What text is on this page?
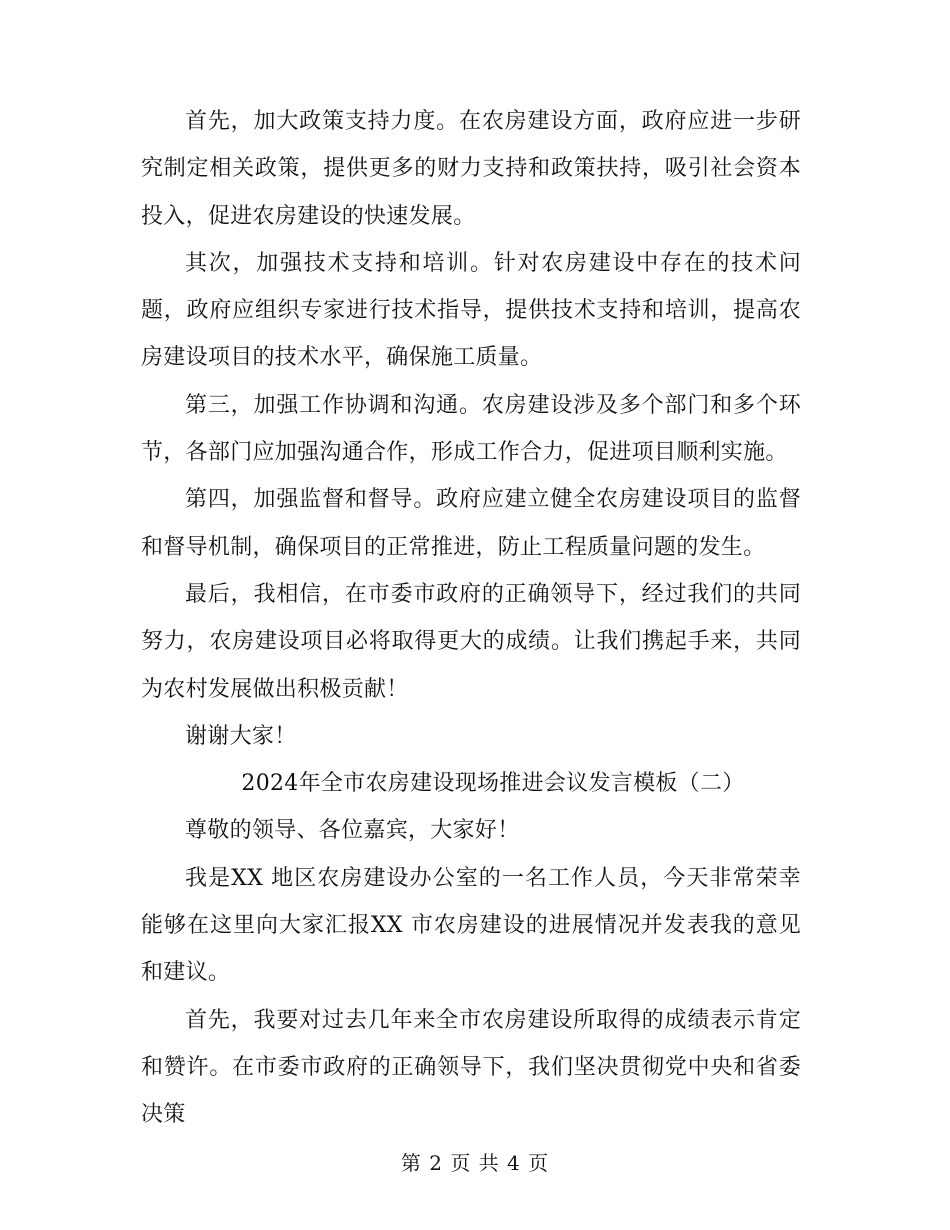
首先，加大政策支持力度。在农房建设方面，政府应进一步研究制定相关政策，提供更多的财力支持和政策扶持，吸引社会资本投入，促进农房建设的快速发展。

其次，加强技术支持和培训。针对农房建设中存在的技术问题，政府应组织专家进行技术指导，提供技术支持和培训，提高农房建设项目的技术水平，确保施工质量。

第三，加强工作协调和沟通。农房建设涉及多个部门和多个环节，各部门应加强沟通合作，形成工作合力，促进项目顺利实施。

第四，加强监督和督导。政府应建立健全农房建设项目的监督和督导机制，确保项目的正常推进，防止工程质量问题的发生。

最后，我相信，在市委市政府的正确领导下，经过我们的共同努力，农房建设项目必将取得更大的成绩。让我们携起手来，共同为农村发展做出积极贡献！

谢谢大家！

2024年全市农房建设现场推进会议发言模板（二）

尊敬的领导、各位嘉宾，大家好！

我是XX 地区农房建设办公室的一名工作人员，今天非常荣幸能够在这里向大家汇报XX 市农房建设的进展情况并发表我的意见和建议。

首先，我要对过去几年来全市农房建设所取得的成绩表示肯定和赞许。在市委市政府的正确领导下，我们坚决贯彻党中央和省委决策

第 2 页 共 4 页
